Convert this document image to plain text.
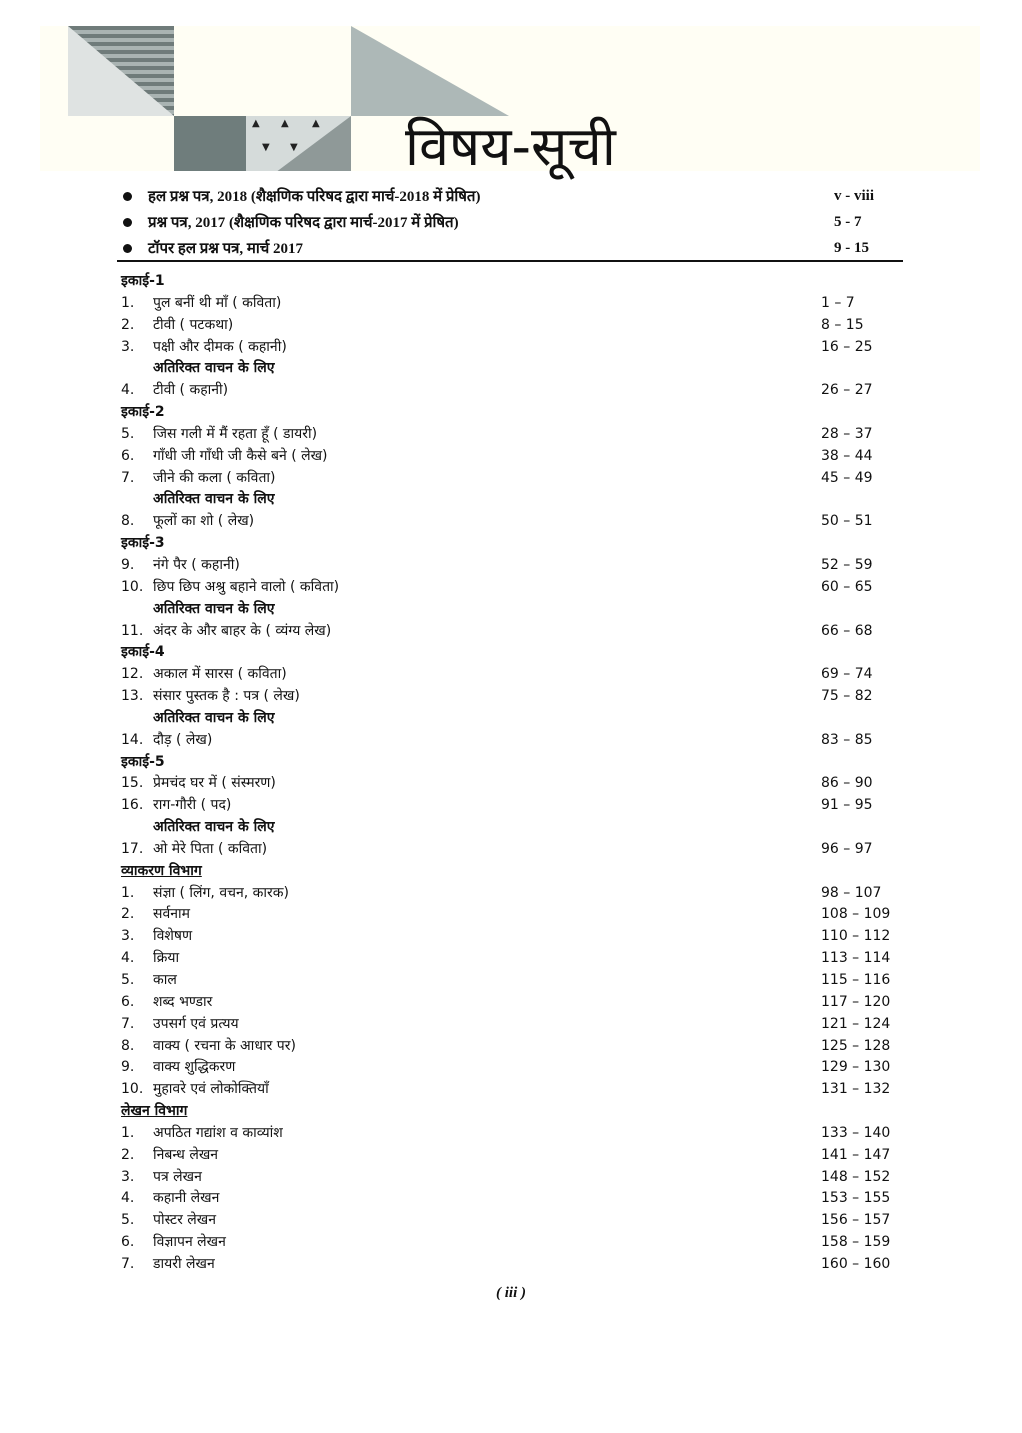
▲ ▲ ▲
▼ ▼ विषय-सूची
हल प्रश्न पत्र, 2018 (शैक्षणिक परिषद द्वारा मार्च-2018 में प्रेषित)	v - viii
प्रश्न पत्र, 2017 (शैक्षणिक परिषद द्वारा मार्च-2017 में प्रेषित)	5 - 7
टॉपर हल प्रश्न पत्र, मार्च 2017	9 - 15
इकाई-1
1.	पुल बनीं थी माँ ( कविता)	1 – 7
2.	टीवी ( पटकथा)	8 – 15
3.	पक्षी और दीमक ( कहानी)	16 – 25
अतिरिक्त वाचन के लिए
4.	टीवी ( कहानी)	26 – 27
इकाई-2
5.	जिस गली में मैं रहता हूँ ( डायरी)	28 – 37
6.	गाँधी जी गाँधी जी कैसे बने ( लेख)	38 – 44
7.	जीने की कला ( कविता)	45 – 49
अतिरिक्त वाचन के लिए
8.	फूलों का शो ( लेख)	50 – 51
इकाई-3
9.	नंगे पैर ( कहानी)	52 – 59
10. छिप छिप अश्रु बहाने वालो ( कविता)	60 – 65
अतिरिक्त वाचन के लिए
11. अंदर के और बाहर के ( व्यंग्य लेख)	66 – 68
इकाई-4
12. अकाल में सारस ( कविता)	69 – 74
13. संसार पुस्तक है : पत्र ( लेख)	75 – 82
अतिरिक्त वाचन के लिए
14. दौड़ ( लेख)	83 – 85
इकाई-5
15. प्रेमचंद घर में ( संस्मरण)	86 – 90
16. राग-गौरी ( पद)	91 – 95
अतिरिक्त वाचन के लिए
17. ओ मेरे पिता ( कविता)	96 – 97
व्याकरण विभाग
1.	संज्ञा ( लिंग, वचन, कारक)	98 – 107
2.	सर्वनाम	108 – 109
3.	विशेषण	110 – 112
4.	क्रिया	113 – 114
5.	काल	115 – 116
6.	शब्द भण्डार	117 – 120
7.	उपसर्ग एवं प्रत्यय	121 – 124
8.	वाक्य ( रचना के आधार पर)	125 – 128
9.	वाक्य शुद्धिकरण	129 – 130
10. मुहावरे एवं लोकोक्तियाँ	131 – 132
लेखन विभाग
1.	अपठित गद्यांश व काव्यांश	133 – 140
2.	निबन्ध लेखन	141 – 147
3.	पत्र लेखन	148 – 152
4.	कहानी लेखन	153 – 155
5.	पोस्टर लेखन	156 – 157
6.	विज्ञापन लेखन	158 – 159
7.	डायरी लेखन	160 – 160
( iii )
